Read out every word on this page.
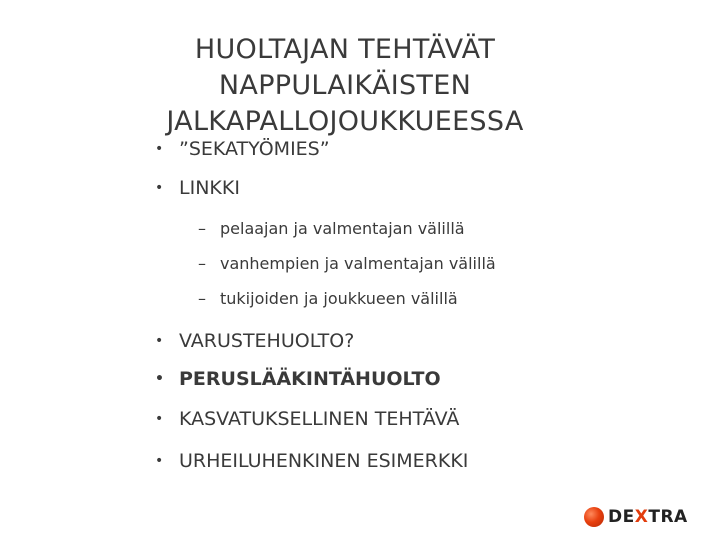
HUOLTAJAN TEHTÄVÄT
NAPPULAIKÄISTEN
JALKAPALLOJOUKKUEESSA
• ”SEKATYÖMIES”
• LINKKI
– pelaajan ja valmentajan välillä
– vanhempien ja valmentajan välillä
– tukijoiden ja joukkueen välillä
• VARUSTEHUOLTO?
• PERUSLÄÄKINTÄHUOLTO
• KASVATUKSELLINEN TEHTÄVÄ
• URHEILUHENKINEN ESIMERKKI
DEXTRA
